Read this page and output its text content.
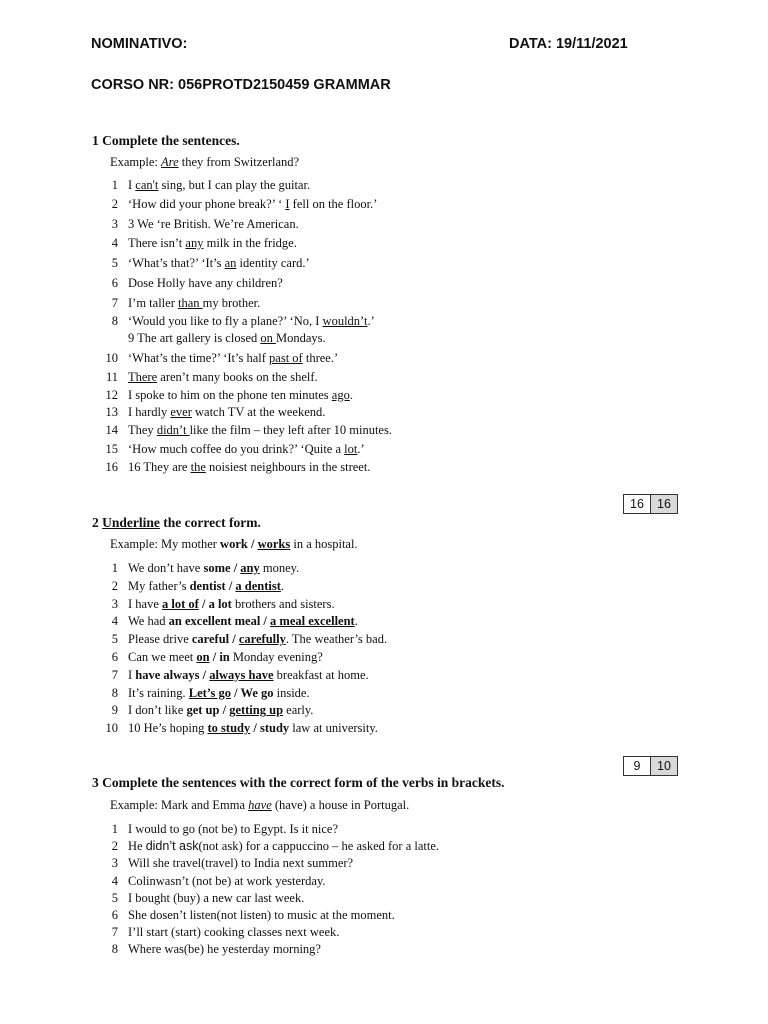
NOMINATIVO:	DATA: 19/11/2021
CORSO NR: 056PROTD2150459 GRAMMAR
1 Complete the sentences.
Example: Are they from Switzerland?
1 I can't sing, but I can play the guitar.
2 ‘How did your phone break?’ ‘ I fell on the floor.’
3 3 We ‘re British. We’re American.
4 There isn’t any milk in the fridge.
5 ‘What’s that?’ ‘It’s an identity card.’
6 Dose Holly have any children?
7 I’m taller than my brother.
8 ‘Would you like to fly a plane?’ ‘No, I wouldn’t.’
9 The art gallery is closed on Mondays.
10 ‘What’s the time?’ ‘It’s half past of three.’
11 There aren’t many books on the shelf.
12 I spoke to him on the phone ten minutes ago.
13 I hardly ever watch TV at the weekend.
14 They didn’t like the film – they left after 10 minutes.
15 ‘How much coffee do you drink?’ ‘Quite a lot.’
16 16 They are the noisiest neighbours in the street.
16	16
2 Underline the correct form.
Example: My mother work / works in a hospital.
1 We don’t have some / any money.
2 My father’s dentist / a dentist.
3 I have a lot of / a lot brothers and sisters.
4 We had an excellent meal / a meal excellent.
5 Please drive careful / carefully. The weather’s bad.
6 Can we meet on / in Monday evening?
7 I have always / always have breakfast at home.
8 It’s raining. Let’s go / We go inside.
9 I don’t like get up / getting up early.
10 10 He’s hoping to study / study law at university.
9	10
3 Complete the sentences with the correct form of the verbs in brackets.
Example: Mark and Emma have (have) a house in Portugal.
1 I would to go (not be) to Egypt. Is it nice?
2 He didn’t ask(not ask) for a cappuccino – he asked for a latte.
3 Will she travel(travel) to India next summer?
4 Colinwasn’t (not be) at work yesterday.
5 I bought (buy) a new car last week.
6 She dosen’t listen(not listen) to music at the moment.
7 I’ll start (start) cooking classes next week.
8 Where was(be) he yesterday morning?
